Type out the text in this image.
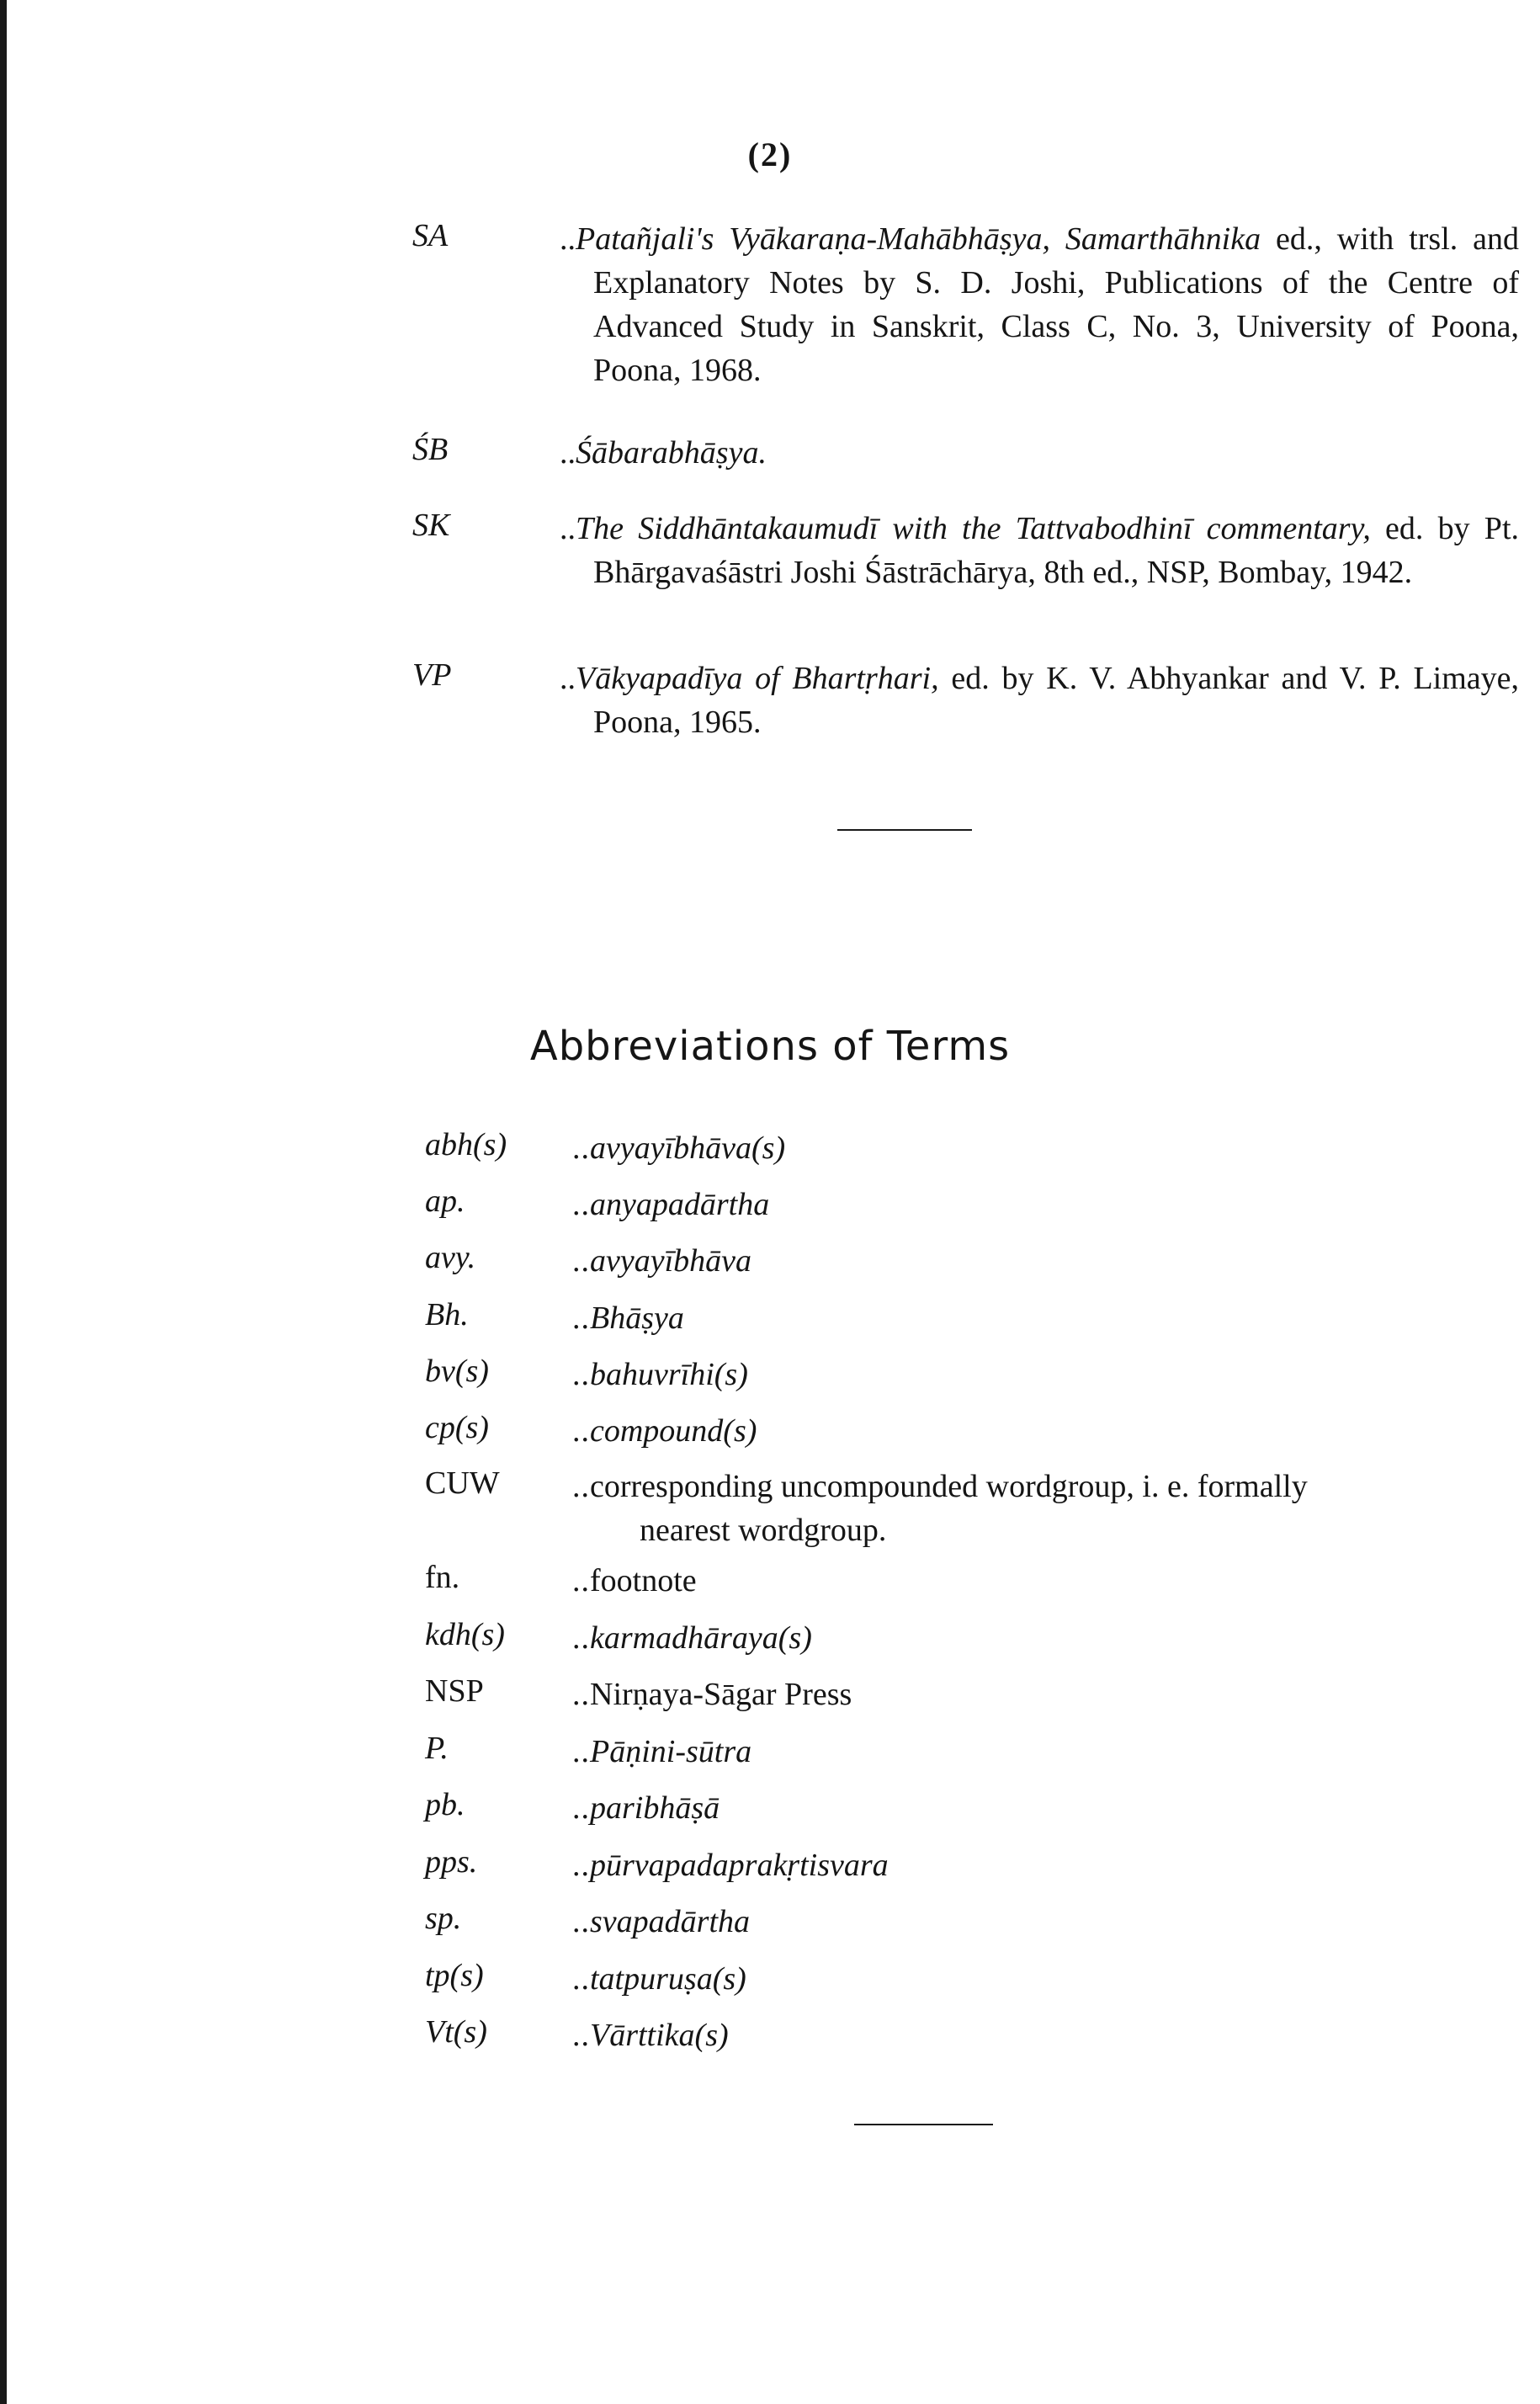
(2)
SA	..Patañjali's Vyākaraṇa-Mahābhāṣya, Samarthāhnika ed., with trsl. and Explanatory Notes by S. D. Joshi, Publications of the Centre of Advanced Study in Sanskrit, Class C, No. 3, University of Poona, Poona, 1968.
ŚB	..Śābarabhāṣya.
SK	..The Siddhāntakaumudī with the Tattvabodhinī commentary, ed. by Pt. Bhārgavaśāstri Joshi Śāstrāchārya, 8th ed., NSP, Bombay, 1942.
VP	..Vākyapadīya of Bhartṛhari, ed. by K. V. Abhyankar and V. P. Limaye, Poona, 1965.
Abbreviations of Terms
abh(s)	..avyayībhāva(s)
ap.	..anyapadārtha
avy.	..avyayībhāva
Bh.	..Bhāṣya
bv(s)	..bahuvrīhi(s)
cp(s)	..compound(s)
CUW	..corresponding uncompounded wordgroup, i. e. formally
nearest wordgroup.
fn.	..footnote
kdh(s)	..karmadhāraya(s)
NSP	..Nirṇaya-Sāgar Press
P.	..Pāṇini-sūtra
pb.	..paribhāṣā
pps.	..pūrvapadaprakṛtisvara
sp.	..svapadārtha
tp(s)	..tatpuruṣa(s)
Vt(s)	..Vārttika(s)
